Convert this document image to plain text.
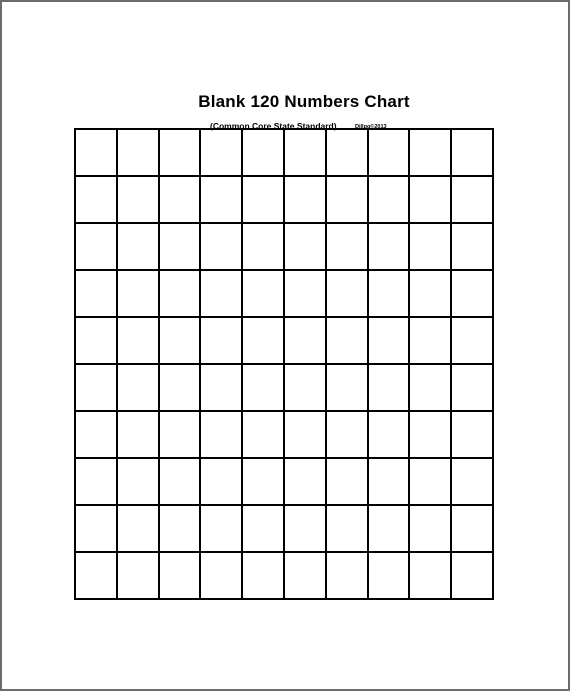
Blank 120 Numbers Chart
(Common Core State Standard)	Dillpg©2013
